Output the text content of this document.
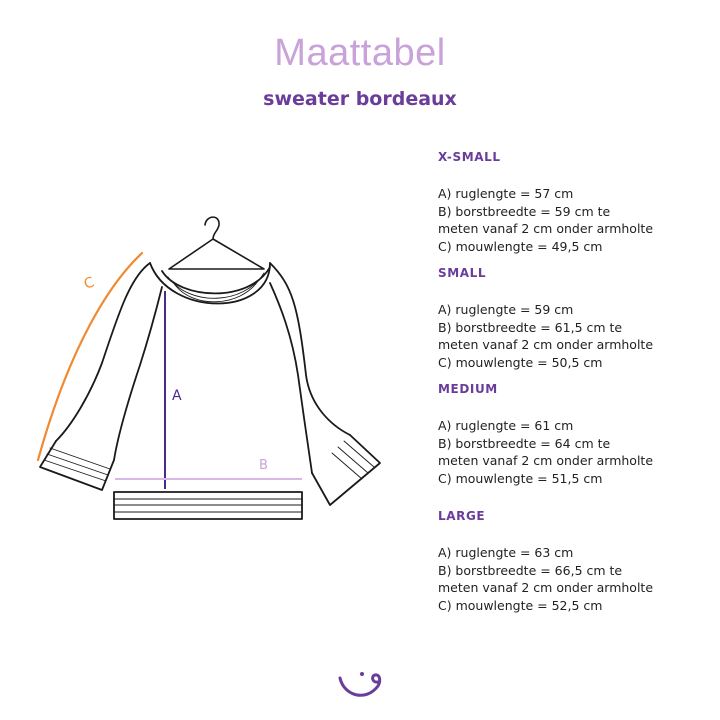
Maattabel
sweater bordeaux
A
B
C
X-SMALL
A) ruglengte = 57 cm
B) borstbreedte = 59 cm te
meten vanaf 2 cm onder armholte
C) mouwlengte = 49,5 cm
SMALL
A) ruglengte = 59 cm
B) borstbreedte = 61,5 cm te
meten vanaf 2 cm onder armholte
C) mouwlengte = 50,5 cm
MEDIUM
A) ruglengte = 61 cm
B) borstbreedte = 64 cm te
meten vanaf 2 cm onder armholte
C) mouwlengte = 51,5 cm
LARGE
A) ruglengte = 63 cm
B) borstbreedte = 66,5 cm te
meten vanaf 2 cm onder armholte
C) mouwlengte = 52,5 cm
